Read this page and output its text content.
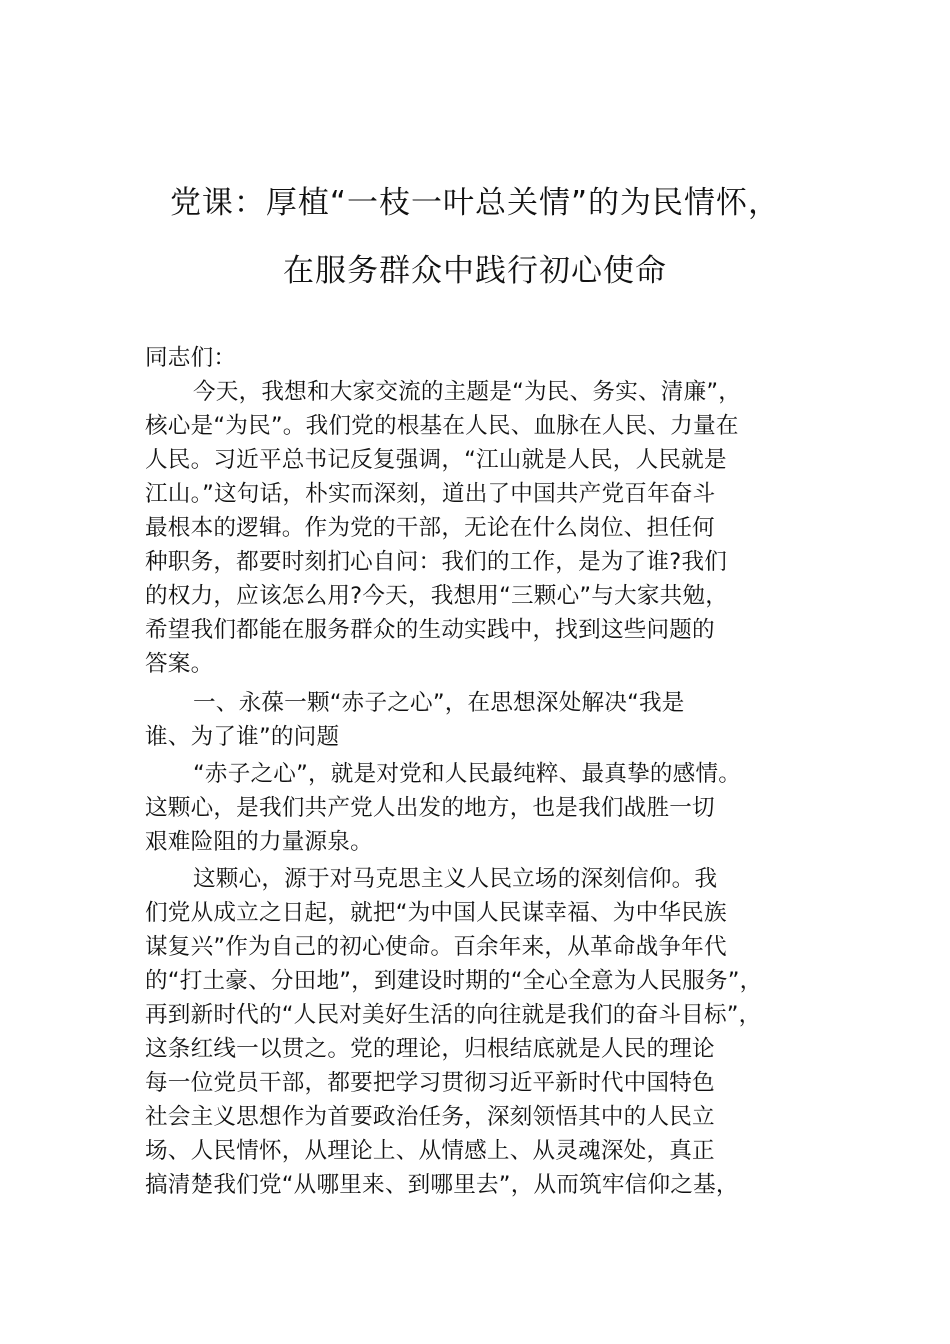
党课：厚植“一枝一叶总关情”的为民情怀，
在服务群众中践行初心使命
同志们：
今天，我想和大家交流的主题是“为民、务实、清廉”，
核心是“为民”。我们党的根基在人民、血脉在人民、力量在
人民。习近平总书记反复强调，“江山就是人民，人民就是
江山。”这句话，朴实而深刻，道出了中国共产党百年奋斗
最根本的逻辑。作为党的干部，无论在什么岗位、担任何
种职务，都要时刻扪心自问：我们的工作，是为了谁?我们
的权力，应该怎么用?今天，我想用“三颗心”与大家共勉，
希望我们都能在服务群众的生动实践中，找到这些问题的
答案。
一、永葆一颗“赤子之心”，在思想深处解决“我是
谁、为了谁”的问题
“赤子之心”，就是对党和人民最纯粹、最真挚的感情。
这颗心，是我们共产党人出发的地方，也是我们战胜一切
艰难险阻的力量源泉。
这颗心，源于对马克思主义人民立场的深刻信仰。我
们党从成立之日起，就把“为中国人民谋幸福、为中华民族
谋复兴”作为自己的初心使命。百余年来，从革命战争年代
的“打土豪、分田地”，到建设时期的“全心全意为人民服务”，
再到新时代的“人民对美好生活的向往就是我们的奋斗目标”，
这条红线一以贯之。党的理论，归根结底就是人民的理论
每一位党员干部，都要把学习贯彻习近平新时代中国特色
社会主义思想作为首要政治任务，深刻领悟其中的人民立
场、人民情怀，从理论上、从情感上、从灵魂深处，真正
搞清楚我们党“从哪里来、到哪里去”，从而筑牢信仰之基，
